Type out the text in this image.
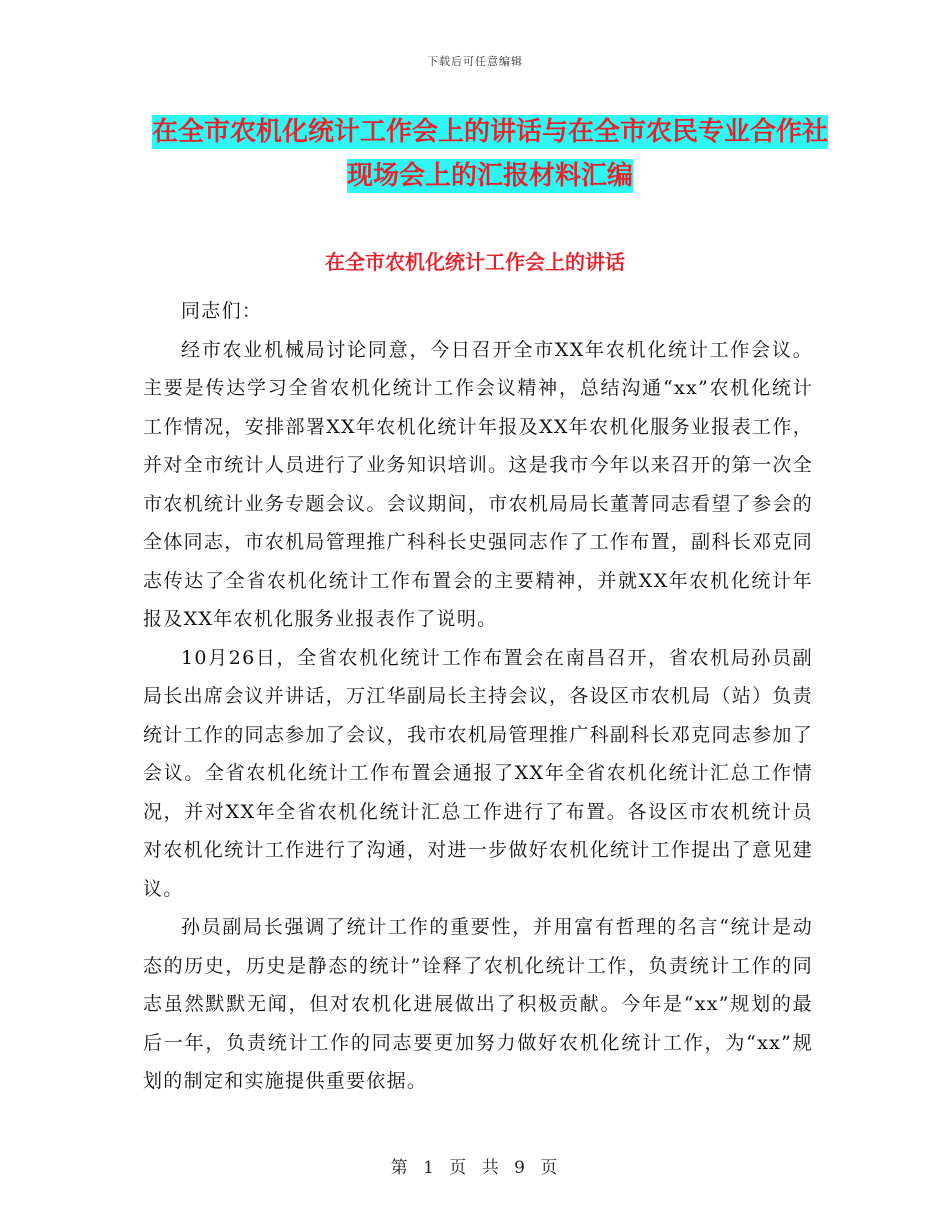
下载后可任意编辑
在全市农机化统计工作会上的讲话与在全市农民专业合作社现场会上的汇报材料汇编
在全市农机化统计工作会上的讲话

同志们：

经市农业机械局讨论同意，今日召开全市XX年农机化统计工作会议。主要是传达学习全省农机化统计工作会议精神，总结沟通“xx”农机化统计工作情况，安排部署XX年农机化统计年报及XX年农机化服务业报表工作，并对全市统计人员进行了业务知识培训。这是我市今年以来召开的第一次全市农机统计业务专题会议。会议期间，市农机局局长董菁同志看望了参会的全体同志，市农机局管理推广科科长史强同志作了工作布置，副科长邓克同志传达了全省农机化统计工作布置会的主要精神，并就XX年农机化统计年报及XX年农机化服务业报表作了说明。

10月26日，全省农机化统计工作布置会在南昌召开，省农机局孙员副局长出席会议并讲话，万江华副局长主持会议，各设区市农机局（站）负责统计工作的同志参加了会议，我市农机局管理推广科副科长邓克同志参加了会议。全省农机化统计工作布置会通报了XX年全省农机化统计汇总工作情况，并对XX年全省农机化统计汇总工作进行了布置。各设区市农机统计员对农机化统计工作进行了沟通，对进一步做好农机化统计工作提出了意见建议。

孙员副局长强调了统计工作的重要性，并用富有哲理的名言“统计是动态的历史，历史是静态的统计”诠释了农机化统计工作，负责统计工作的同志虽然默默无闻，但对农机化进展做出了积极贡献。今年是“xx”规划的最后一年，负责统计工作的同志要更加努力做好农机化统计工作，为“xx”规划的制定和实施提供重要依据。

第 1 页 共 9 页
